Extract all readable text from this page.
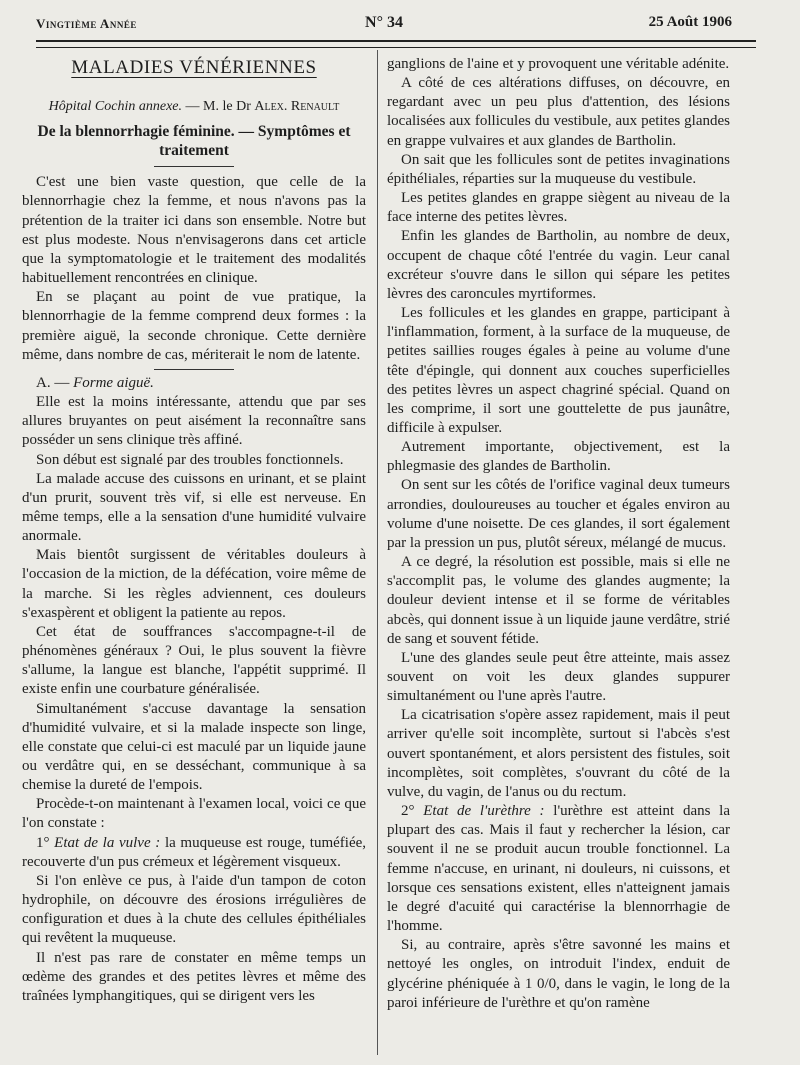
Vingtième Année	N° 34	25 Août 1906
MALADIES VÉNÉRIENNES
Hôpital Cochin annexe. — M. le Dr Alex. Renault
De la blennorrhagie féminine. — Symptômes et traitement

C'est une bien vaste question, que celle de la blennorrhagie chez la femme, et nous n'avons pas la prétention de la traiter ici dans son ensemble. Notre but est plus modeste. Nous n'envisagerons dans cet article que la symptomatologie et le traitement des modalités habituellement rencontrées en clinique.

En se plaçant au point de vue pratique, la blennorrhagie de la femme comprend deux formes : la première aiguë, la seconde chronique. Cette dernière même, dans nombre de cas, mériterait le nom de latente.

A. — Forme aiguë.

Elle est la moins intéressante, attendu que par ses allures bruyantes on peut aisément la reconnaître sans posséder un sens clinique très affiné.

Son début est signalé par des troubles fonctionnels.

La malade accuse des cuissons en urinant, et se plaint d'un prurit, souvent très vif, si elle est nerveuse. En même temps, elle a la sensation d'une humidité vulvaire anormale.

Mais bientôt surgissent de véritables douleurs à l'occasion de la miction, de la défécation, voire même de la marche. Si les règles adviennent, ces douleurs s'exaspèrent et obligent la patiente au repos.

Cet état de souffrances s'accompagne-t-il de phénomènes généraux ? Oui, le plus souvent la fièvre s'allume, la langue est blanche, l'appétit supprimé. Il existe enfin une courbature généralisée.

Simultanément s'accuse davantage la sensation d'humidité vulvaire, et si la malade inspecte son linge, elle constate que celui-ci est maculé par un liquide jaune ou verdâtre qui, en se desséchant, communique à sa chemise la dureté de l'empois.

Procède-t-on maintenant à l'examen local, voici ce que l'on constate :

1° Etat de la vulve : la muqueuse est rouge, tuméfiée, recouverte d'un pus crémeux et légèrement visqueux.

Si l'on enlève ce pus, à l'aide d'un tampon de coton hydrophile, on découvre des érosions irrégulières de configuration et dues à la chute des cellules épithéliales qui revêtent la muqueuse.

Il n'est pas rare de constater en même temps un œdème des grandes et des petites lèvres et même des traînées lymphangitiques, qui se dirigent vers les

ganglions de l'aine et y provoquent une véritable adénite.

A côté de ces altérations diffuses, on découvre, en regardant avec un peu plus d'attention, des lésions localisées aux follicules du vestibule, aux petites glandes en grappe vulvaires et aux glandes de Bartholin.

On sait que les follicules sont de petites invaginations épithéliales, réparties sur la muqueuse du vestibule.

Les petites glandes en grappe siègent au niveau de la face interne des petites lèvres.

Enfin les glandes de Bartholin, au nombre de deux, occupent de chaque côté l'entrée du vagin. Leur canal excréteur s'ouvre dans le sillon qui sépare les petites lèvres des caroncules myrtiformes.

Les follicules et les glandes en grappe, participant à l'inflammation, forment, à la surface de la muqueuse, de petites saillies rouges égales à peine au volume d'une tête d'épingle, qui donnent aux couches superficielles des petites lèvres un aspect chagriné spécial. Quand on les comprime, il sort une gouttelette de pus jaunâtre, difficile à expulser.

Autrement importante, objectivement, est la phlegmasie des glandes de Bartholin.

On sent sur les côtés de l'orifice vaginal deux tumeurs arrondies, douloureuses au toucher et égales environ au volume d'une noisette. De ces glandes, il sort également par la pression un pus, plutôt séreux, mélangé de mucus.

A ce degré, la résolution est possible, mais si elle ne s'accomplit pas, le volume des glandes augmente; la douleur devient intense et il se forme de véritables abcès, qui donnent issue à un liquide jaune verdâtre, strié de sang et souvent fétide.

L'une des glandes seule peut être atteinte, mais assez souvent on voit les deux glandes suppurer simultanément ou l'une après l'autre.

La cicatrisation s'opère assez rapidement, mais il peut arriver qu'elle soit incomplète, surtout si l'abcès s'est ouvert spontanément, et alors persistent des fistules, soit incomplètes, soit complètes, s'ouvrant du côté de la vulve, du vagin, de l'anus ou du rectum.

2° Etat de l'urèthre : l'urèthre est atteint dans la plupart des cas. Mais il faut y rechercher la lésion, car souvent il ne se produit aucun trouble fonctionnel. La femme n'accuse, en urinant, ni douleurs, ni cuissons, et lorsque ces sensations existent, elles n'atteignent jamais le degré d'acuité qui caractérise la blennorrhagie de l'homme.

Si, au contraire, après s'être savonné les mains et nettoyé les ongles, on introduit l'index, enduit de glycérine phéniquée à 1 0/0, dans le vagin, le long de la paroi inférieure de l'urèthre et qu'on ramène
